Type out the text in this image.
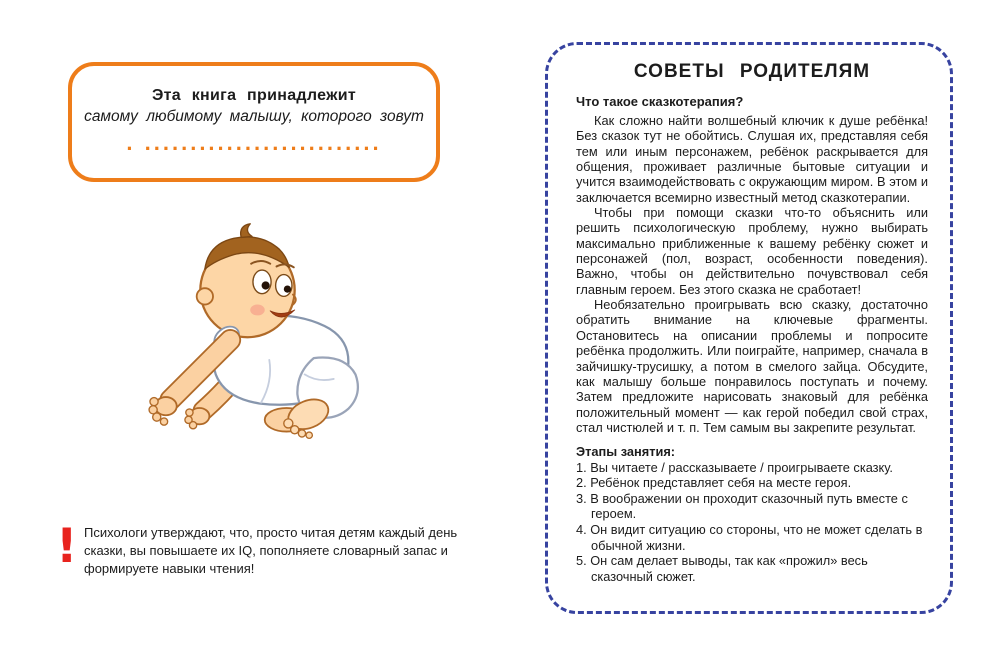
Эта книга принадлежит
самому любимому малышу, которого зовут
. ..........................
! Психологи утверждают, что, просто читая детям каждый день сказки, вы повышаете их IQ, пополняете словарный запас и формируете навыки чтения!
СОВЕТЫ РОДИТЕЛЯМ
Что такое сказкотерапия?

Как сложно найти волшебный ключик к душе ребёнка! Без сказок тут не обойтись. Слушая их, представляя себя тем или иным персонажем, ребёнок раскрывается для общения, проживает различные бытовые ситуации и учится взаимодействовать с окружающим миром. В этом и заключается всемирно известный метод сказкотерапии.

Чтобы при помощи сказки что-то объяснить или решить психологическую проблему, нужно выбирать максимально приближенные к вашему ребёнку сюжет и персонажей (пол, возраст, особенности поведения). Важно, чтобы он действительно почувствовал себя главным героем. Без этого сказка не сработает!

Необязательно проигрывать всю сказку, достаточно обратить внимание на ключевые фрагменты. Остановитесь на описании проблемы и попросите ребёнка продолжить. Или поиграйте, например, сначала в зайчишку-трусишку, а потом в смелого зайца. Обсудите, как малышу больше понравилось поступать и почему. Затем предложите нарисовать знаковый для ребёнка положительный момент — как герой победил свой страх, стал чистюлей и т. п. Тем самым вы закрепите результат.

Этапы занятия:
1. Вы читаете / рассказываете / проигрываете сказку.
2. Ребёнок представляет себя на месте героя.
3. В воображении он проходит сказочный путь вместе с героем.
4. Он видит ситуацию со стороны, что не может сделать в обычной жизни.
5. Он сам делает выводы, так как «прожил» весь сказочный сюжет.
